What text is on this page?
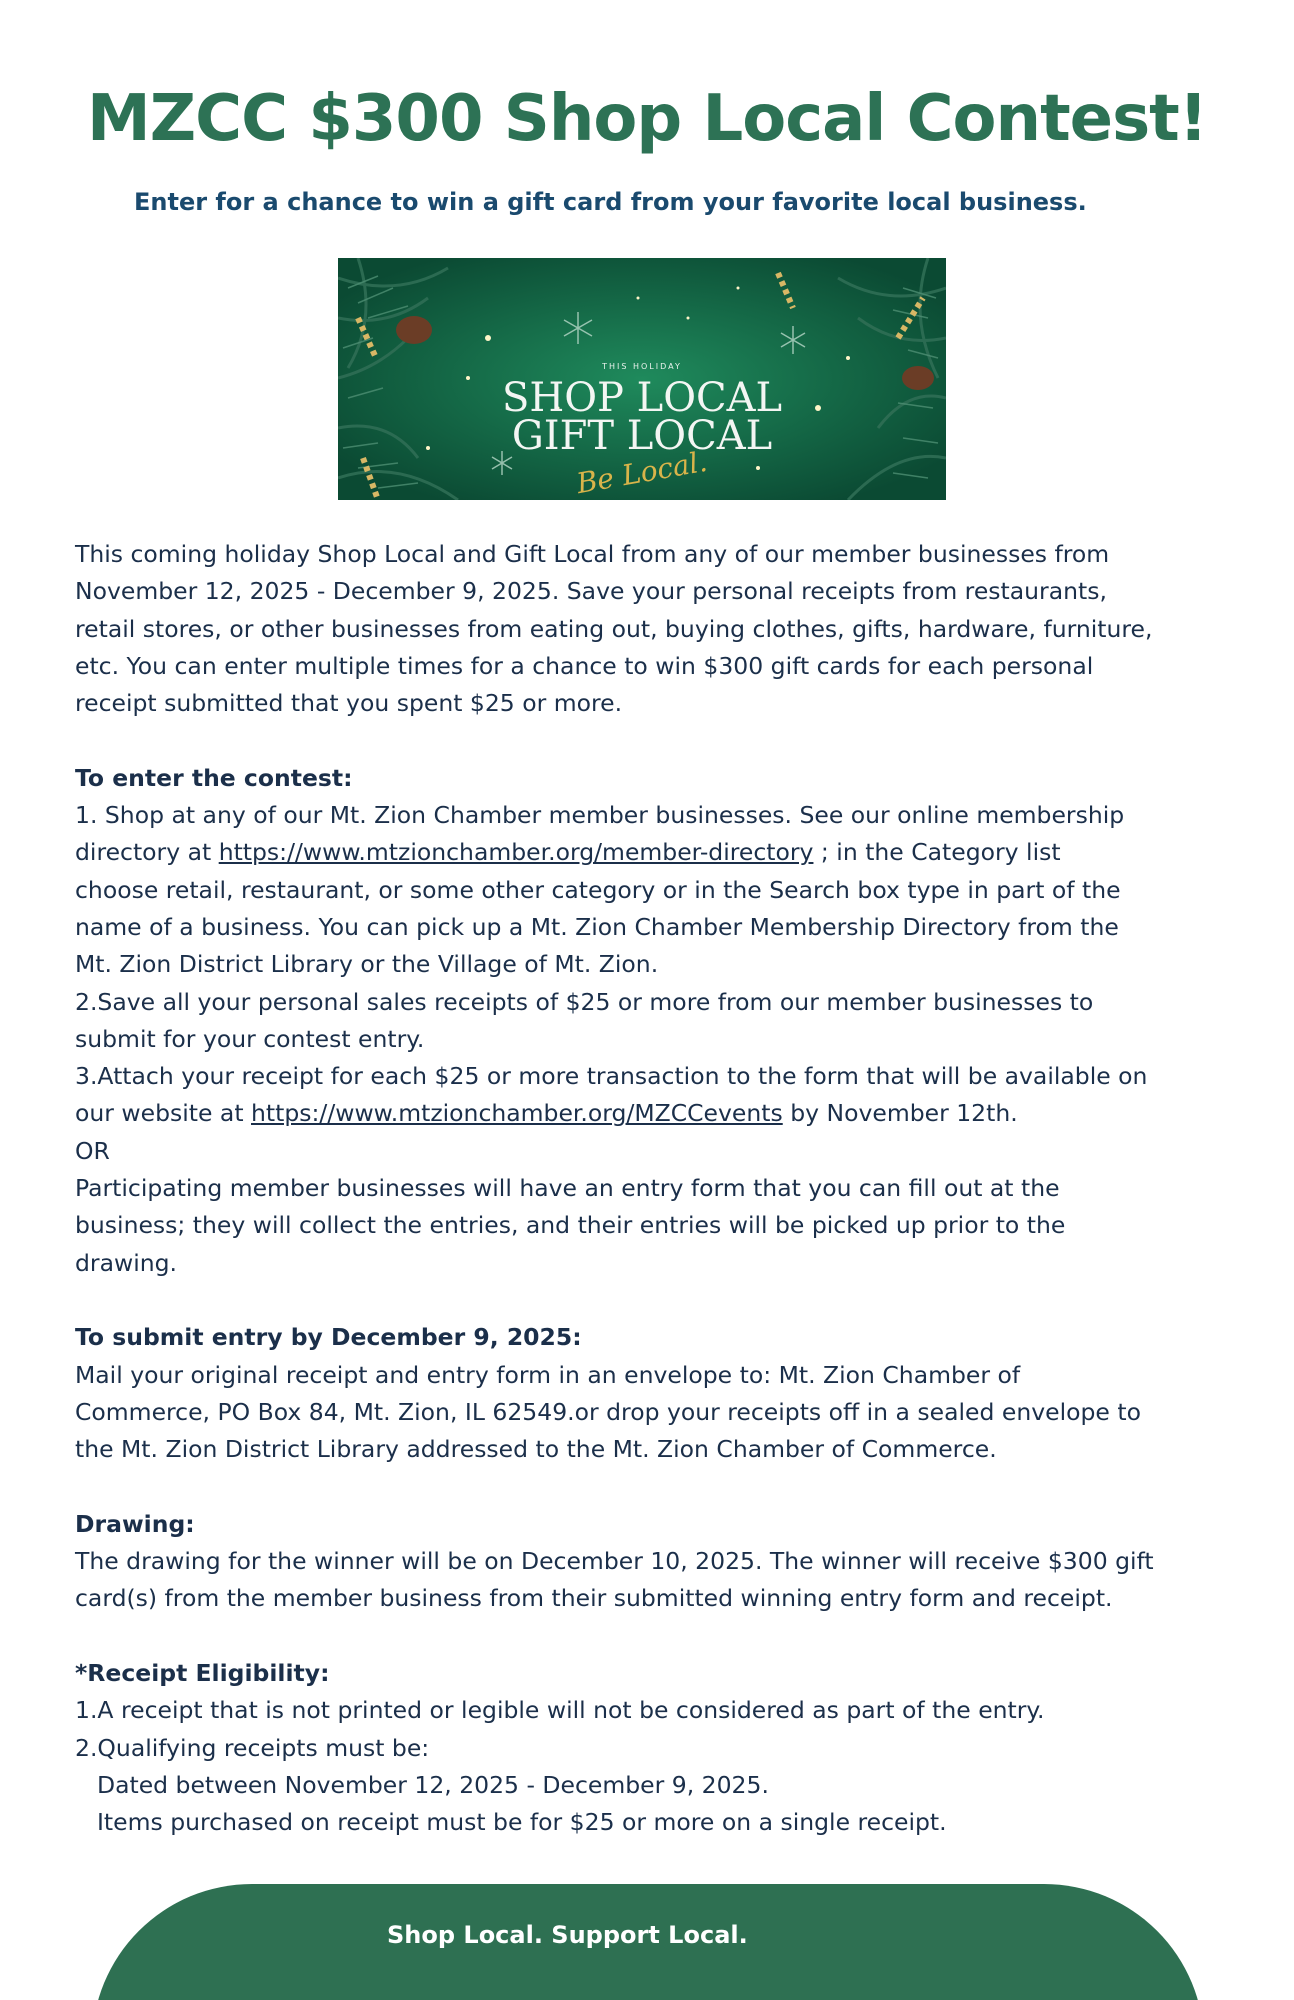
MZCC $300 Shop Local Contest!
Enter for a chance to win a gift card from your favorite local business.
THIS HOLIDAY
SHOP LOCAL
GIFT LOCAL
Be Local.

This coming holiday Shop Local and Gift Local from any of our member businesses from

November 12, 2025 - December 9, 2025. Save your personal receipts from restaurants,

retail stores, or other businesses from eating out, buying clothes, gifts, hardware, furniture,

etc. You can enter multiple times for a chance to win $300 gift cards for each personal

receipt submitted that you spent $25 or more.

To enter the contest:

1. Shop at any of our Mt. Zion Chamber member businesses. See our online membership

directory at https://www.mtzionchamber.org/member-directory ; in the Category list

choose retail, restaurant, or some other category or in the Search box type in part of the

name of a business. You can pick up a Mt. Zion Chamber Membership Directory from the

Mt. Zion District Library or the Village of Mt. Zion.

2.Save all your personal sales receipts of $25 or more from our member businesses to

submit for your contest entry.

3.Attach your receipt for each $25 or more transaction to the form that will be available on

our website at https://www.mtzionchamber.org/MZCCevents by November 12th.

OR

Participating member businesses will have an entry form that you can fill out at the

business; they will collect the entries, and their entries will be picked up prior to the

drawing.

To submit entry by December 9, 2025:

Mail your original receipt and entry form in an envelope to: Mt. Zion Chamber of

Commerce, PO Box 84, Mt. Zion, IL 62549.or drop your receipts off in a sealed envelope to

the Mt. Zion District Library addressed to the Mt. Zion Chamber of Commerce.

Drawing:

The drawing for the winner will be on December 10, 2025. The winner will receive $300 gift

card(s) from the member business from their submitted winning entry form and receipt.

*Receipt Eligibility:

1.A receipt that is not printed or legible will not be considered as part of the entry.

2.Qualifying receipts must be:

Dated between November 12, 2025 - December 9, 2025.

Items purchased on receipt must be for $25 or more on a single receipt.

Shop Local. Support Local.
